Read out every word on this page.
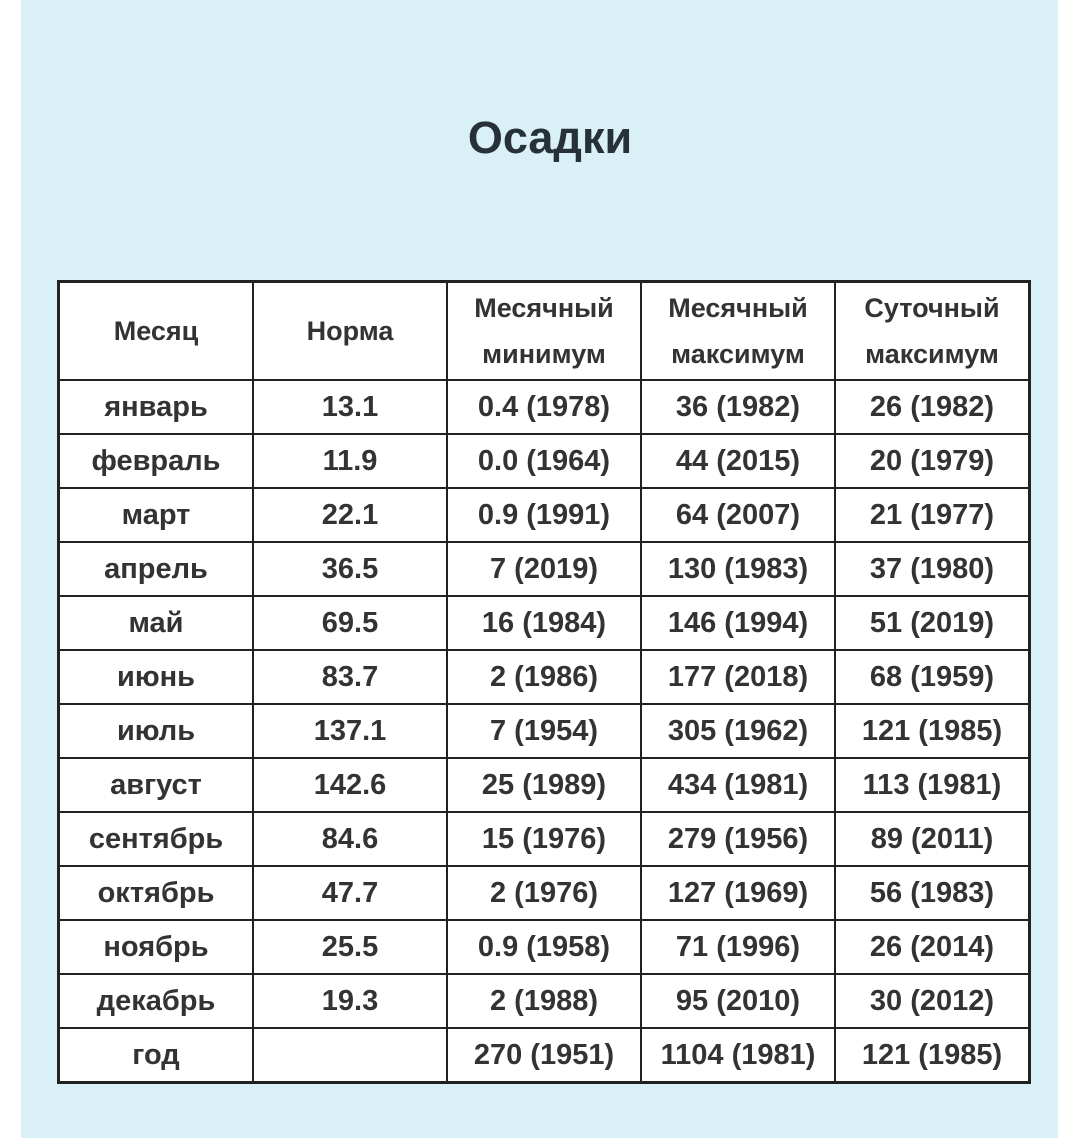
Осадки
Месяц	Норма	Месячный минимум	Месячный максимум	Суточный максимум
январь	13.1	0.4 (1978)	36 (1982)	26 (1982)
февраль	11.9	0.0 (1964)	44 (2015)	20 (1979)
март	22.1	0.9 (1991)	64 (2007)	21 (1977)
апрель	36.5	7 (2019)	130 (1983)	37 (1980)
май	69.5	16 (1984)	146 (1994)	51 (2019)
июнь	83.7	2 (1986)	177 (2018)	68 (1959)
июль	137.1	7 (1954)	305 (1962)	121 (1985)
август	142.6	25 (1989)	434 (1981)	113 (1981)
сентябрь	84.6	15 (1976)	279 (1956)	89 (2011)
октябрь	47.7	2 (1976)	127 (1969)	56 (1983)
ноябрь	25.5	0.9 (1958)	71 (1996)	26 (2014)
декабрь	19.3	2 (1988)	95 (2010)	30 (2012)
год		270 (1951)	1104 (1981)	121 (1985)
